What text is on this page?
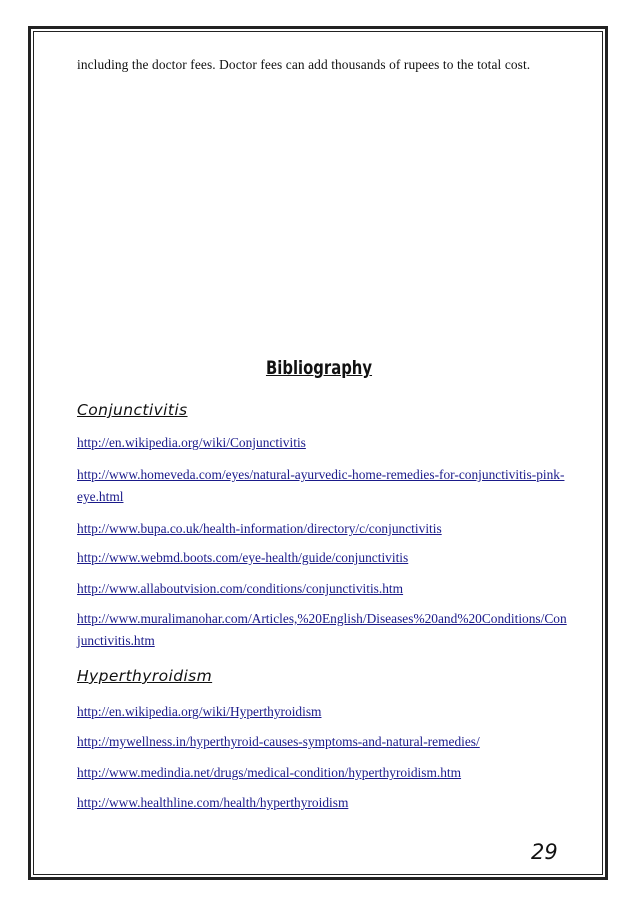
including the doctor fees. Doctor fees can add thousands of rupees to the total cost.
Bibliography
Conjunctivitis
http://en.wikipedia.org/wiki/Conjunctivitis
http://www.homeveda.com/eyes/natural-ayurvedic-home-remedies-for-conjunctivitis-pink-eye.html
http://www.bupa.co.uk/health-information/directory/c/conjunctivitis
http://www.webmd.boots.com/eye-health/guide/conjunctivitis
http://www.allaboutvision.com/conditions/conjunctivitis.htm
http://www.muralimanohar.com/Articles,%20English/Diseases%20and%20Conditions/Conjunctivitis.htm
Hyperthyroidism
http://en.wikipedia.org/wiki/Hyperthyroidism
http://mywellness.in/hyperthyroid-causes-symptoms-and-natural-remedies/
http://www.medindia.net/drugs/medical-condition/hyperthyroidism.htm
http://www.healthline.com/health/hyperthyroidism
29
